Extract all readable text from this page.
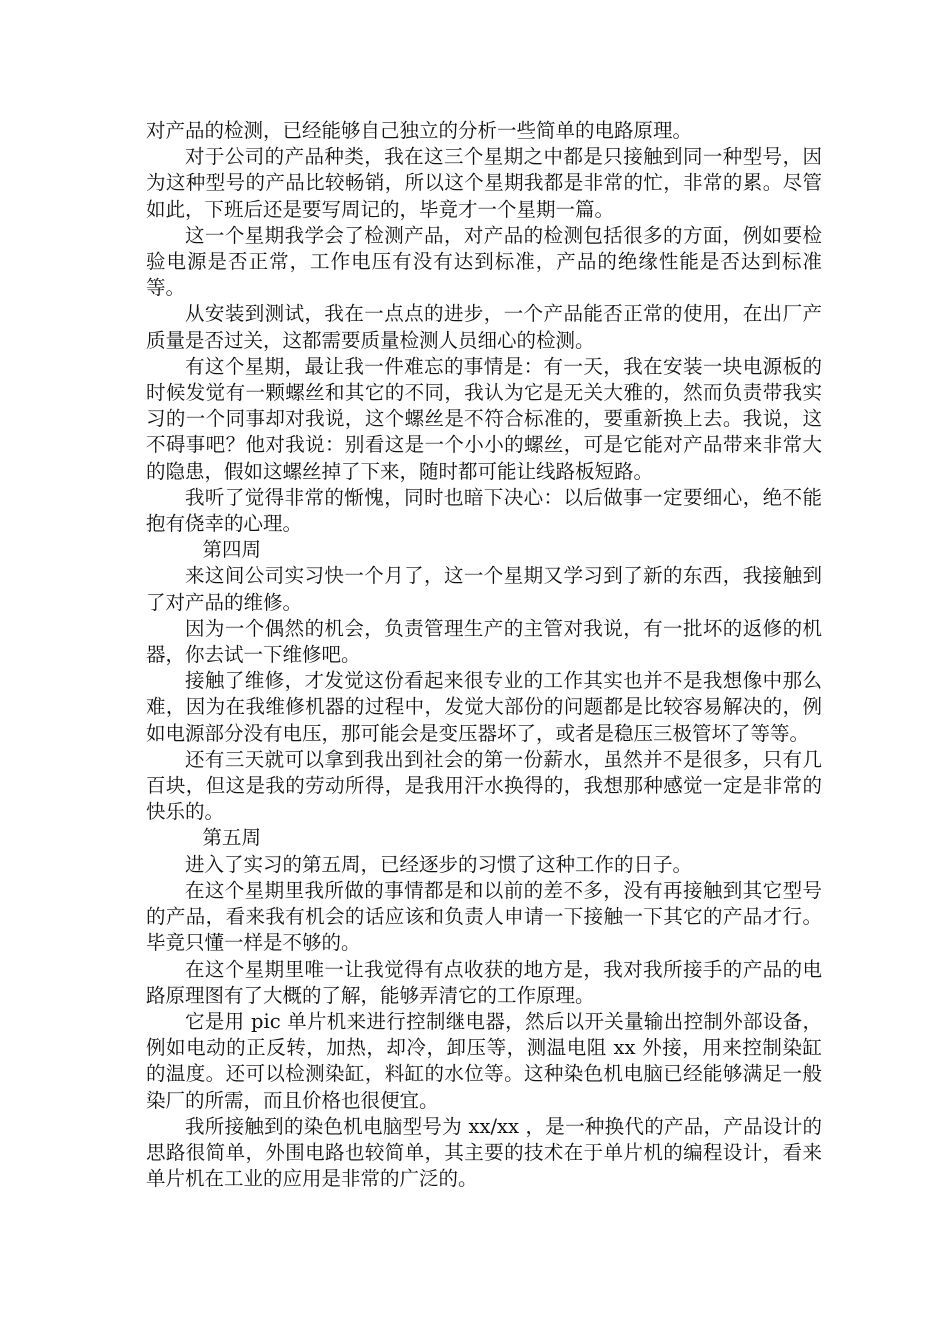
对产品的检测，已经能够自己独立的分析一些简单的电路原理。

对于公司的产品种类，我在这三个星期之中都是只接触到同一种型号，因为这种型号的产品比较畅销，所以这个星期我都是非常的忙，非常的累。尽管如此，下班后还是要写周记的，毕竟才一个星期一篇。

这一个星期我学会了检测产品，对产品的检测包括很多的方面，例如要检验电源是否正常，工作电压有没有达到标准，产品的绝缘性能是否达到标准等。

从安装到测试，我在一点点的进步，一个产品能否正常的使用，在出厂产质量是否过关，这都需要质量检测人员细心的检测。

有这个星期，最让我一件难忘的事情是：有一天，我在安装一块电源板的时候发觉有一颗螺丝和其它的不同，我认为它是无关大雅的，然而负责带我实习的一个同事却对我说，这个螺丝是不符合标准的，要重新换上去。我说，这不碍事吧？他对我说：别看这是一个小小的螺丝，可是它能对产品带来非常大的隐患，假如这螺丝掉了下来，随时都可能让线路板短路。

我听了觉得非常的惭愧，同时也暗下决心：以后做事一定要细心，绝不能抱有侥幸的心理。

第四周

来这间公司实习快一个月了，这一个星期又学习到了新的东西，我接触到了对产品的维修。

因为一个偶然的机会，负责管理生产的主管对我说，有一批坏的返修的机器，你去试一下维修吧。

接触了维修，才发觉这份看起来很专业的工作其实也并不是我想像中那么难，因为在我维修机器的过程中，发觉大部份的问题都是比较容易解决的，例如电源部分没有电压，那可能会是变压器坏了，或者是稳压三极管坏了等等。

还有三天就可以拿到我出到社会的第一份薪水，虽然并不是很多，只有几百块，但这是我的劳动所得，是我用汗水换得的，我想那种感觉一定是非常的快乐的。

第五周

进入了实习的第五周，已经逐步的习惯了这种工作的日子。

在这个星期里我所做的事情都是和以前的差不多，没有再接触到其它型号的产品，看来我有机会的话应该和负责人申请一下接触一下其它的产品才行。毕竟只懂一样是不够的。

在这个星期里唯一让我觉得有点收获的地方是，我对我所接手的产品的电路原理图有了大概的了解，能够弄清它的工作原理。

它是用 pic 单片机来进行控制继电器，然后以开关量输出控制外部设备，例如电动的正反转，加热，却冷，卸压等，测温电阻 xx 外接，用来控制染缸的温度。还可以检测染缸，料缸的水位等。这种染色机电脑已经能够满足一般染厂的所需，而且价格也很便宜。

我所接触到的染色机电脑型号为 xx/xx ，是一种换代的产品，产品设计的思路很简单，外围电路也较简单，其主要的技术在于单片机的编程设计，看来单片机在工业的应用是非常的广泛的。
